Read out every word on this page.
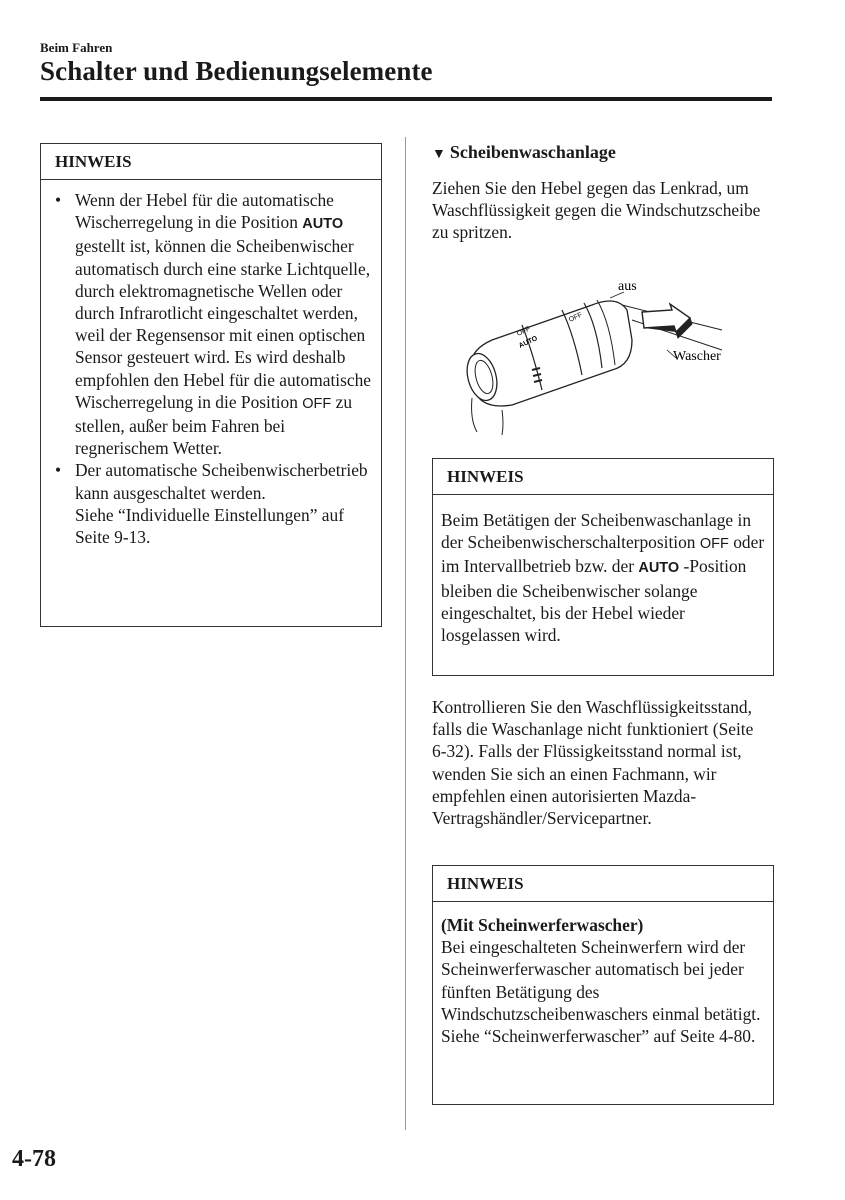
Beim Fahren
Schalter und Bedienungselemente
HINWEIS
• Wenn der Hebel für die automatische Wischerregelung in die Position AUTO gestellt ist, können die Scheibenwischer automatisch durch eine starke Lichtquelle, durch elektromagnetische Wellen oder durch Infrarotlicht eingeschaltet werden, weil der Regensensor mit einen optischen Sensor gesteuert wird. Es wird deshalb empfohlen den Hebel für die automatische Wischerregelung in die Position OFF zu stellen, außer beim Fahren bei regnerischem Wetter.
• Der automatische Scheibenwischerbetrieb kann ausgeschaltet werden.
Siehe “Individuelle Einstellungen” auf Seite 9-13.
▼ Scheibenwaschanlage
Ziehen Sie den Hebel gegen das Lenkrad, um Waschflüssigkeit gegen die Windschutzscheibe zu spritzen.
AUTO
OFF
OFF
aus
Wascher
HINWEIS
Beim Betätigen der Scheibenwaschanlage in der Scheibenwischerschalterposition OFF oder im Intervallbetrieb bzw. der AUTO -Position bleiben die Scheibenwischer solange eingeschaltet, bis der Hebel wieder losgelassen wird.
Kontrollieren Sie den Waschflüssigkeitsstand, falls die Waschanlage nicht funktioniert (Seite 6-32). Falls der Flüssigkeitsstand normal ist, wenden Sie sich an einen Fachmann, wir empfehlen einen autorisierten Mazda-Vertragshändler/Servicepartner.
HINWEIS
(Mit Scheinwerferwascher)
Bei eingeschalteten Scheinwerfern wird der Scheinwerferwascher automatisch bei jeder fünften Betätigung des Windschutzscheibenwaschers einmal betätigt.
Siehe “Scheinwerferwascher” auf Seite 4-80.
4-78
